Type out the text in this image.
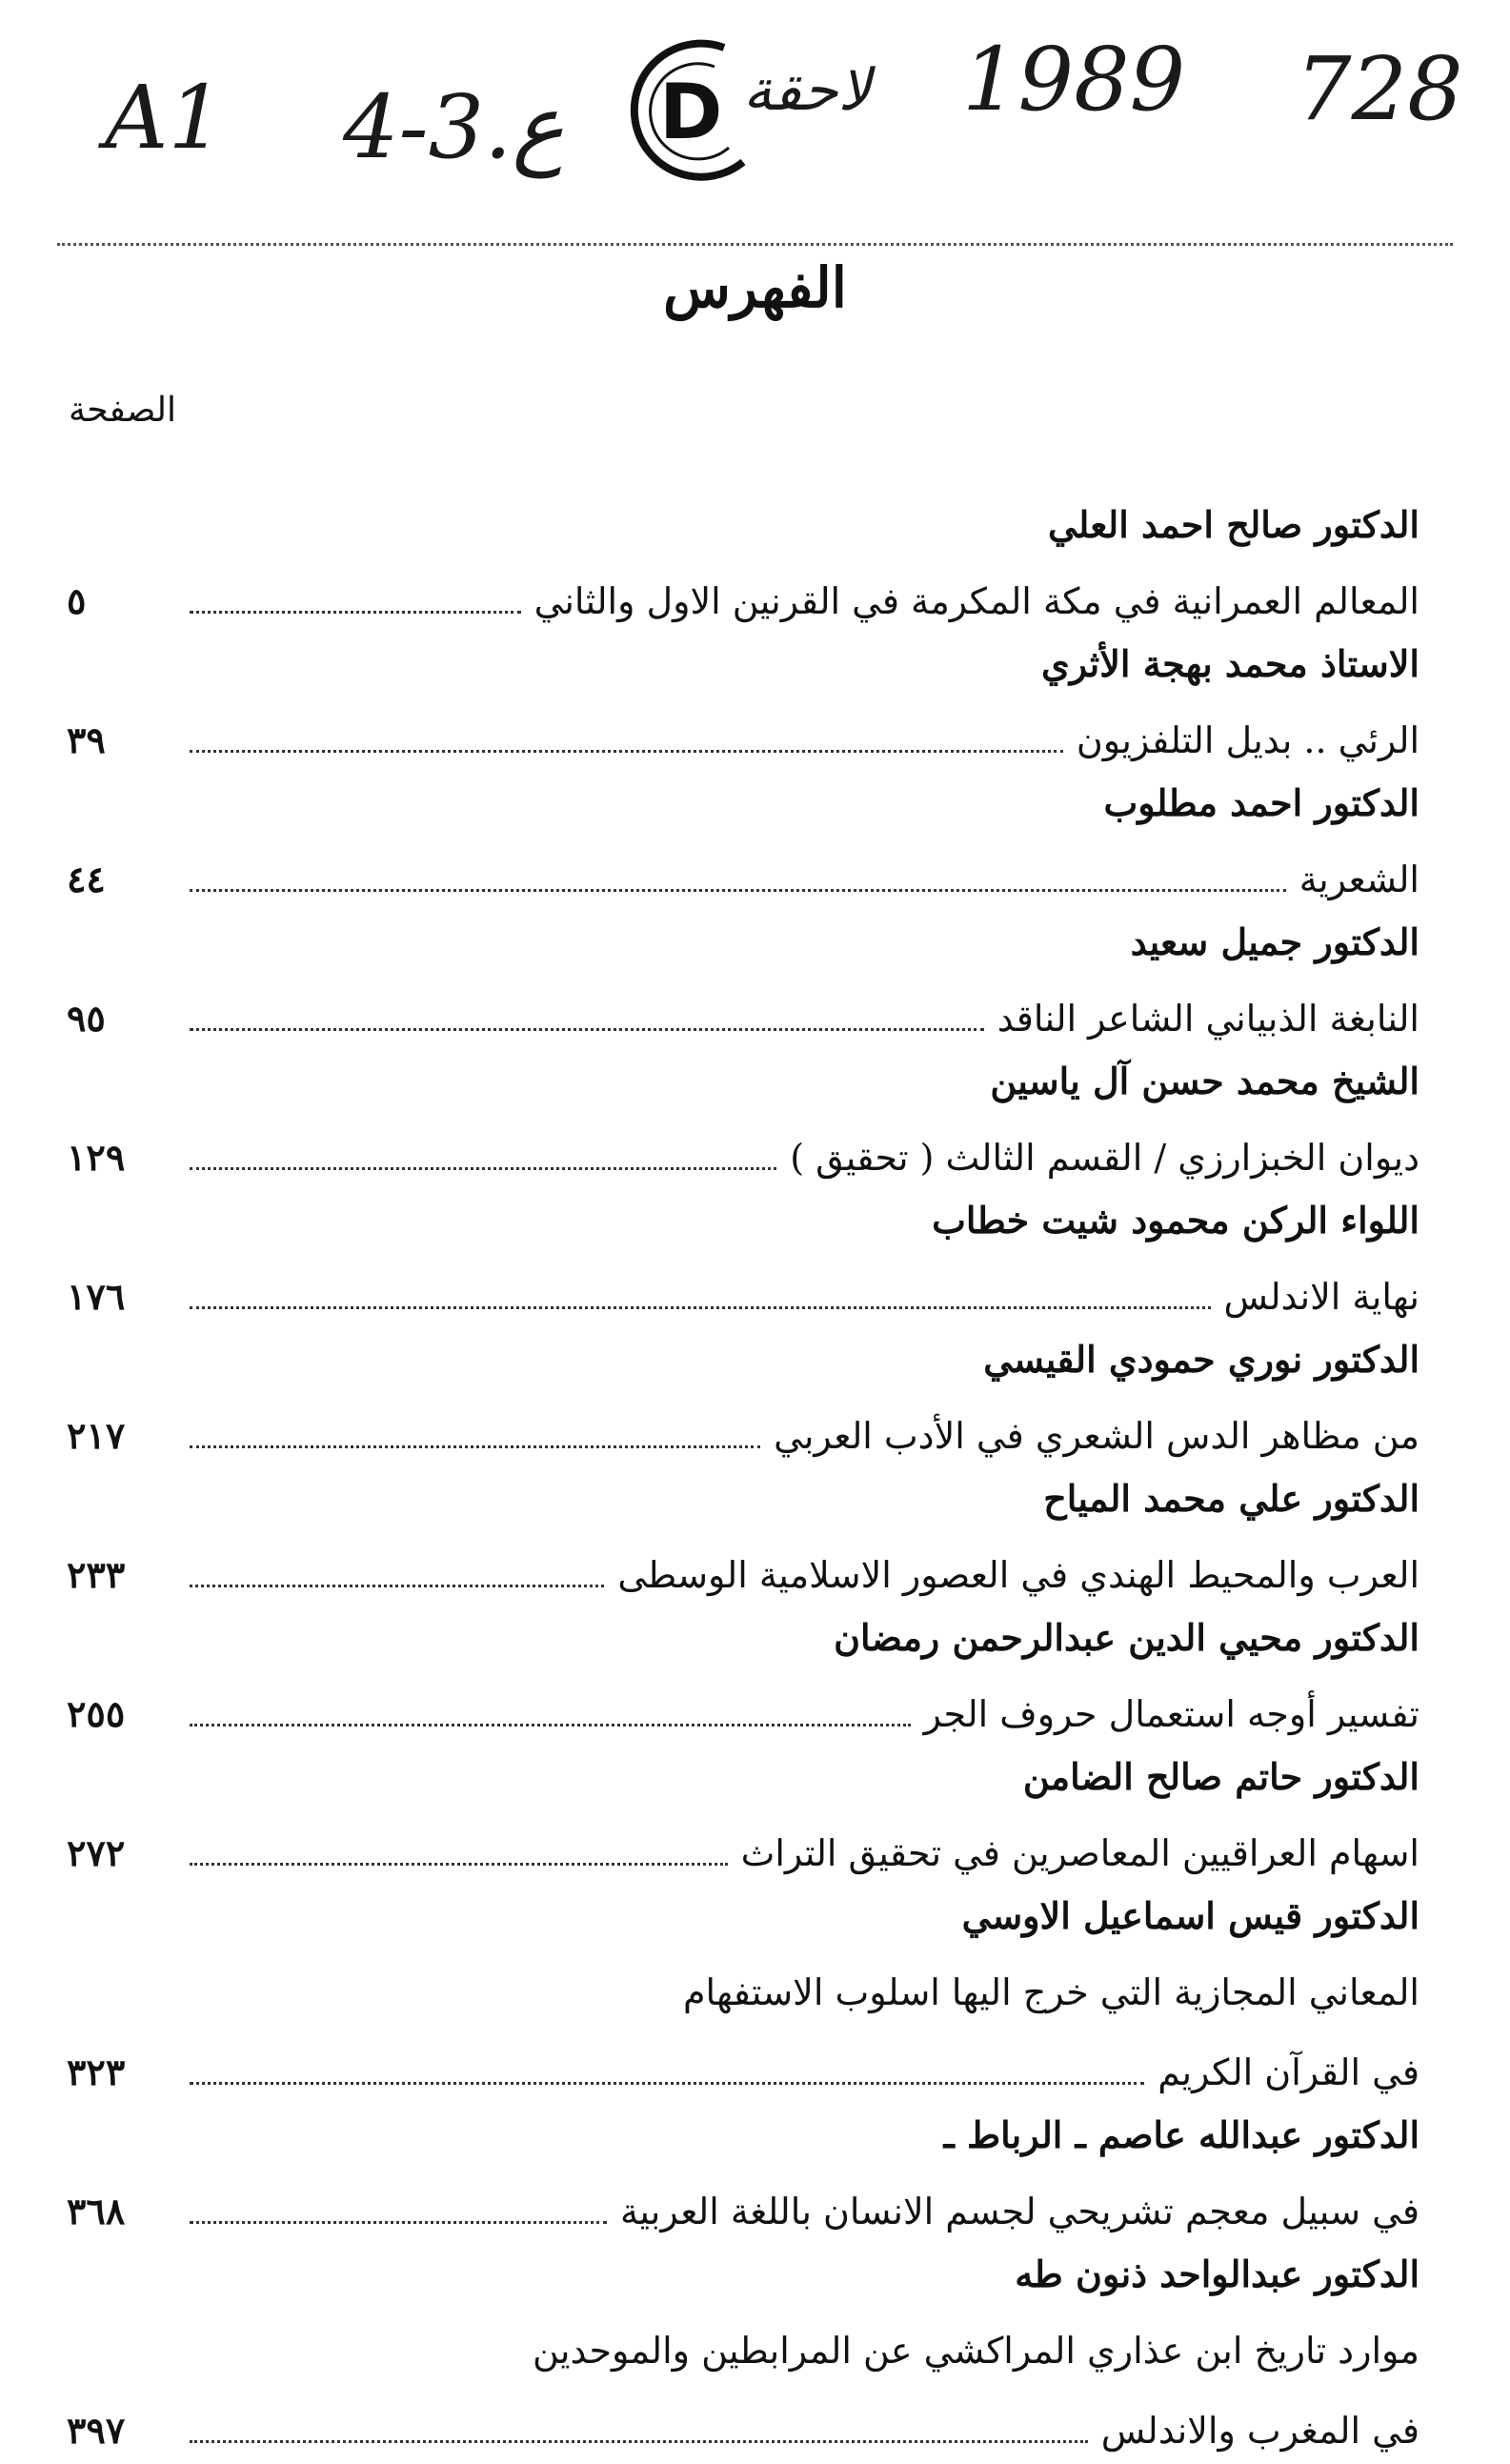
A1 4-3.ع	لاحقة 1989 728
D
الفهرس
الصفحة
الدكتور صالح احمد العلي
المعالم العمرانية في مكة المكرمة في القرنين الاول والثاني
٥
الاستاذ محمد بهجة الأثري
الرئي .. بديل التلفزيون
٣٩
الدكتور احمد مطلوب
الشعرية
٤٤
الدكتور جميل سعيد
النابغة الذبياني الشاعر الناقد
٩٥
الشيخ محمد حسن آل ياسين
ديوان الخبزارزي / القسم الثالث ( تحقيق )
١٢٩
اللواء الركن محمود شيت خطاب
نهاية الاندلس
١٧٦
الدكتور نوري حمودي القيسي
من مظاهر الدس الشعري في الأدب العربي
٢١٧
الدكتور علي محمد المياح
العرب والمحيط الهندي في العصور الاسلامية الوسطى
٢٣٣
الدكتور محيي الدين عبدالرحمن رمضان
تفسير أوجه استعمال حروف الجر
٢٥٥
الدكتور حاتم صالح الضامن
اسهام العراقيين المعاصرين في تحقيق التراث
٢٧٢
الدكتور قيس اسماعيل الاوسي
المعاني المجازية التي خرج اليها اسلوب الاستفهام
في القرآن الكريم
٣٢٣
الدكتور عبدالله عاصم ـ الرباط ـ
في سبيل معجم تشريحي لجسم الانسان باللغة العربية
٣٦٨
الدكتور عبدالواحد ذنون طه
موارد تاريخ ابن عذاري المراكشي عن المرابطين والموحدين
في المغرب والاندلس
٣٩٧
